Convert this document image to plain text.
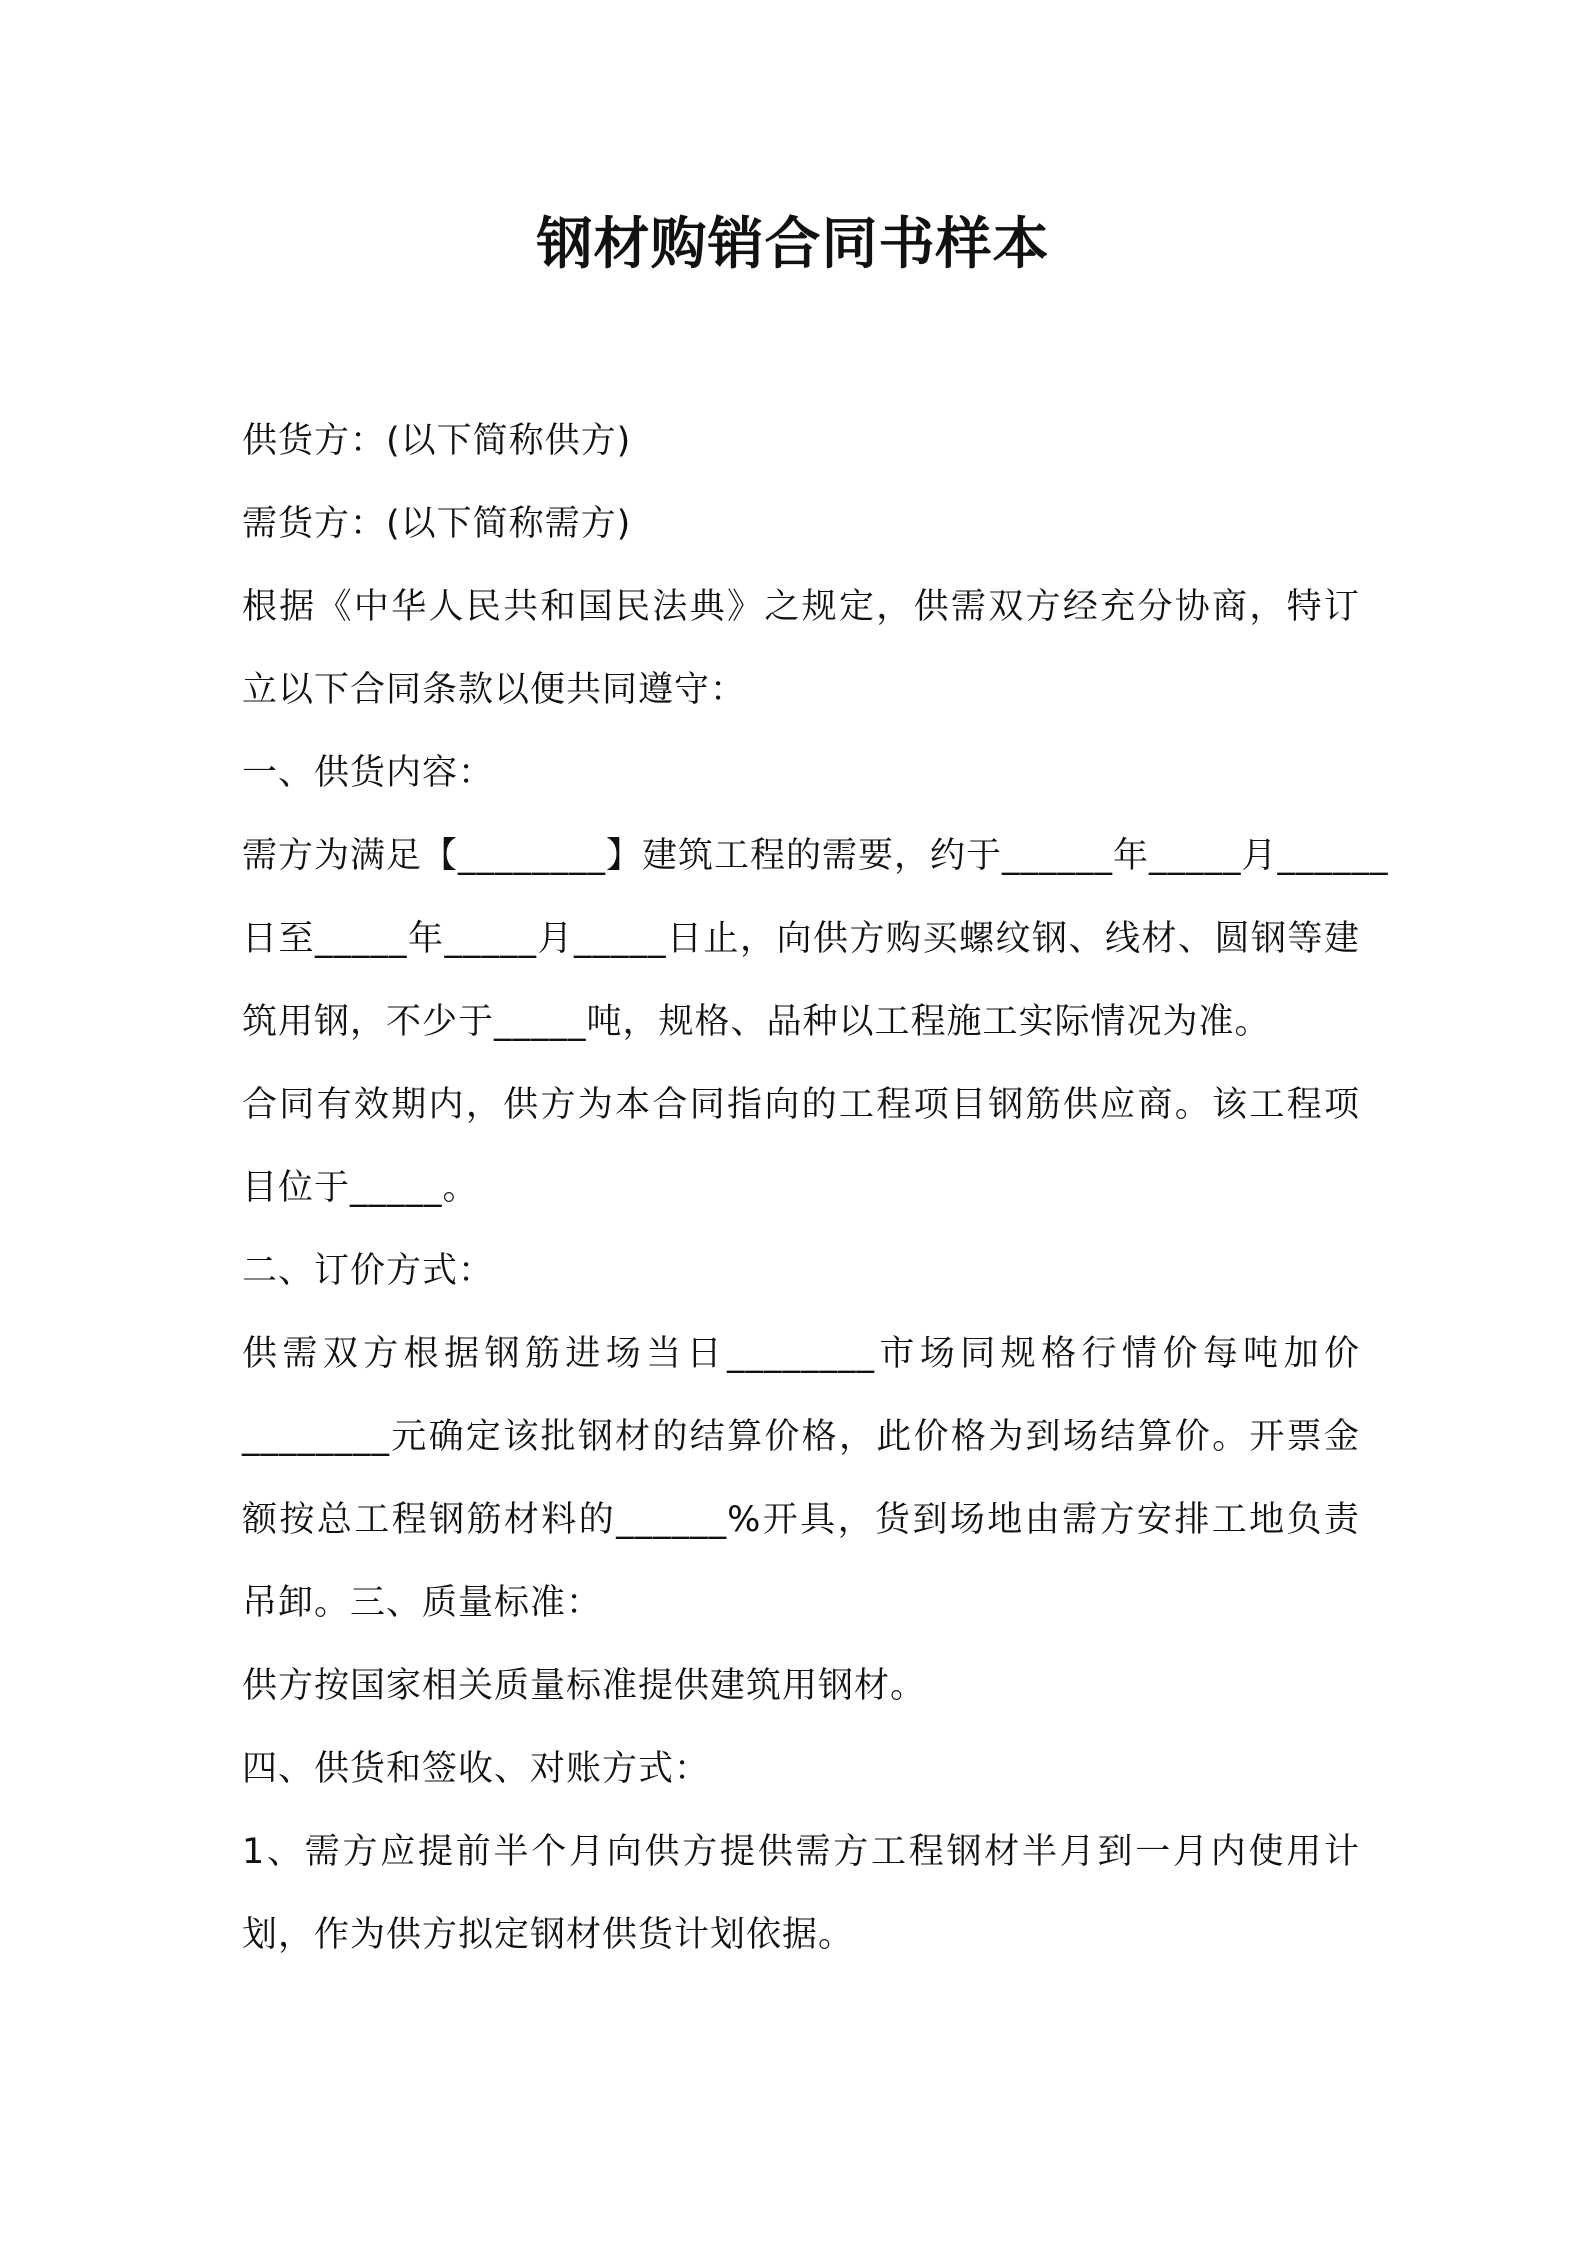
钢材购销合同书样本

供货方：(以下简称供方)

需货方：(以下简称需方)

根据《中华人民共和国民法典》之规定，供需双方经充分协商，特订

立以下合同条款以便共同遵守：

一、供货内容：

需方为满足【________】建筑工程的需要，约于______年_____月______

日至_____年_____月_____日止，向供方购买螺纹钢、线材、圆钢等建

筑用钢，不少于_____吨，规格、品种以工程施工实际情况为准。

合同有效期内，供方为本合同指向的工程项目钢筋供应商。该工程项

目位于_____。

二、订价方式：

供需双方根据钢筋进场当日________市场同规格行情价每吨加价

________元确定该批钢材的结算价格，此价格为到场结算价。开票金

额按总工程钢筋材料的______%开具，货到场地由需方安排工地负责

吊卸。三、质量标准：

供方按国家相关质量标准提供建筑用钢材。

四、供货和签收、对账方式：

1、需方应提前半个月向供方提供需方工程钢材半月到一月内使用计

划，作为供方拟定钢材供货计划依据。
